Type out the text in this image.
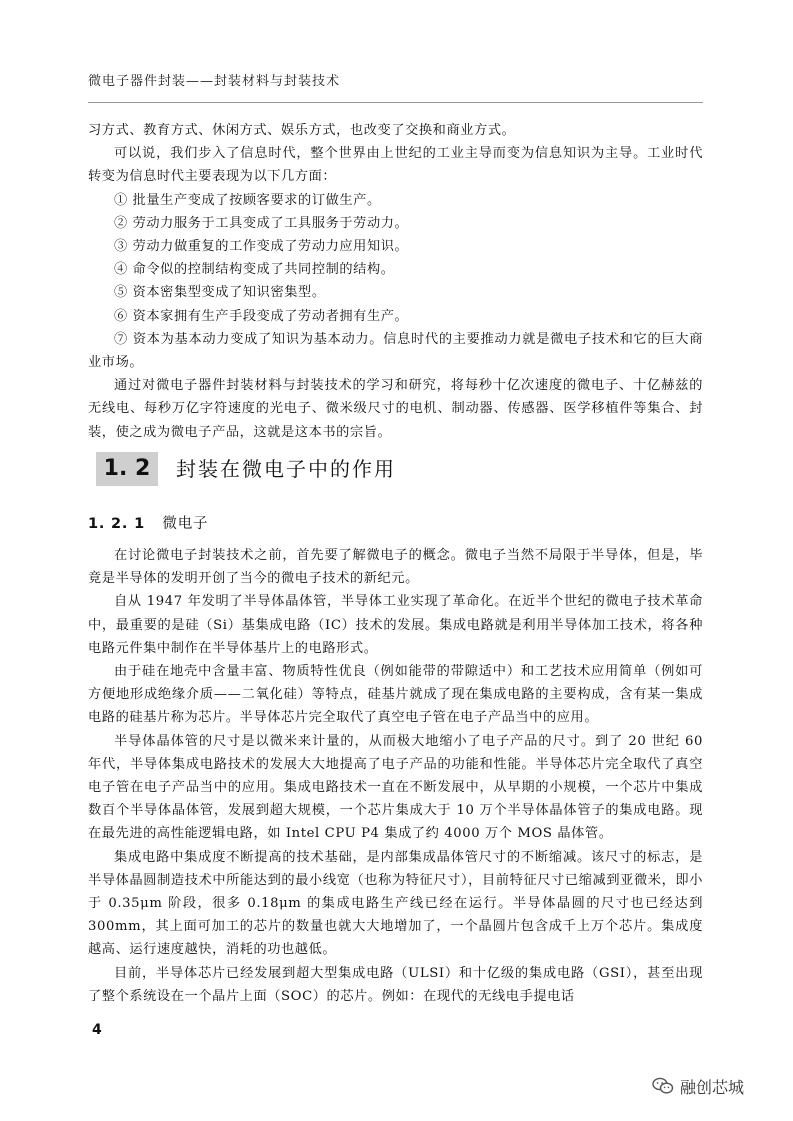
微电子器件封装——封装材料与封装技术

习方式、教育方式、休闲方式、娱乐方式，也改变了交换和商业方式。

可以说，我们步入了信息时代，整个世界由上世纪的工业主导而变为信息知识为主导。工业时代转变为信息时代主要表现为以下几方面：

① 批量生产变成了按顾客要求的订做生产。
② 劳动力服务于工具变成了工具服务于劳动力。
③ 劳动力做重复的工作变成了劳动力应用知识。
④ 命令似的控制结构变成了共同控制的结构。
⑤ 资本密集型变成了知识密集型。
⑥ 资本家拥有生产手段变成了劳动者拥有生产。

⑦ 资本为基本动力变成了知识为基本动力。信息时代的主要推动力就是微电子技术和它的巨大商业市场。

通过对微电子器件封装材料与封装技术的学习和研究，将每秒十亿次速度的微电子、十亿赫兹的无线电、每秒万亿字符速度的光电子、微米级尺寸的电机、制动器、传感器、医学移植件等集合、封装，使之成为微电子产品，这就是这本书的宗旨。

1. 2	封装在微电子中的作用
1. 2. 1 微电子

在讨论微电子封装技术之前，首先要了解微电子的概念。微电子当然不局限于半导体，但是，毕竟是半导体的发明开创了当今的微电子技术的新纪元。

自从 1947 年发明了半导体晶体管，半导体工业实现了革命化。在近半个世纪的微电子技术革命中，最重要的是硅（Si）基集成电路（IC）技术的发展。集成电路就是利用半导体加工技术，将各种电路元件集中制作在半导体基片上的电路形式。

由于硅在地壳中含量丰富、物质特性优良（例如能带的带隙适中）和工艺技术应用简单（例如可方便地形成绝缘介质——二氧化硅）等特点，硅基片就成了现在集成电路的主要构成，含有某一集成电路的硅基片称为芯片。半导体芯片完全取代了真空电子管在电子产品当中的应用。

半导体晶体管的尺寸是以微米来计量的，从而极大地缩小了电子产品的尺寸。到了 20 世纪 60 年代，半导体集成电路技术的发展大大地提高了电子产品的功能和性能。半导体芯片完全取代了真空电子管在电子产品当中的应用。集成电路技术一直在不断发展中，从早期的小规模，一个芯片中集成数百个半导体晶体管，发展到超大规模，一个芯片集成大于 10 万个半导体晶体管子的集成电路。现在最先进的高性能逻辑电路，如 Intel CPU P4 集成了约 4000 万个 MOS 晶体管。

集成电路中集成度不断提高的技术基础，是内部集成晶体管尺寸的不断缩减。该尺寸的标志，是半导体晶圆制造技术中所能达到的最小线宽（也称为特征尺寸），目前特征尺寸已缩减到亚微米，即小于 0.35μm 阶段，很多 0.18μm 的集成电路生产线已经在运行。半导体晶圆的尺寸也已经达到 300mm，其上面可加工的芯片的数量也就大大地增加了，一个晶圆片包含成千上万个芯片。集成度越高、运行速度越快，消耗的功也越低。

目前，半导体芯片已经发展到超大型集成电路（ULSI）和十亿级的集成电路（GSI），甚至出现了整个系统设在一个晶片上面（SOC）的芯片。例如：在现代的无线电手提电话

4
融创芯城
